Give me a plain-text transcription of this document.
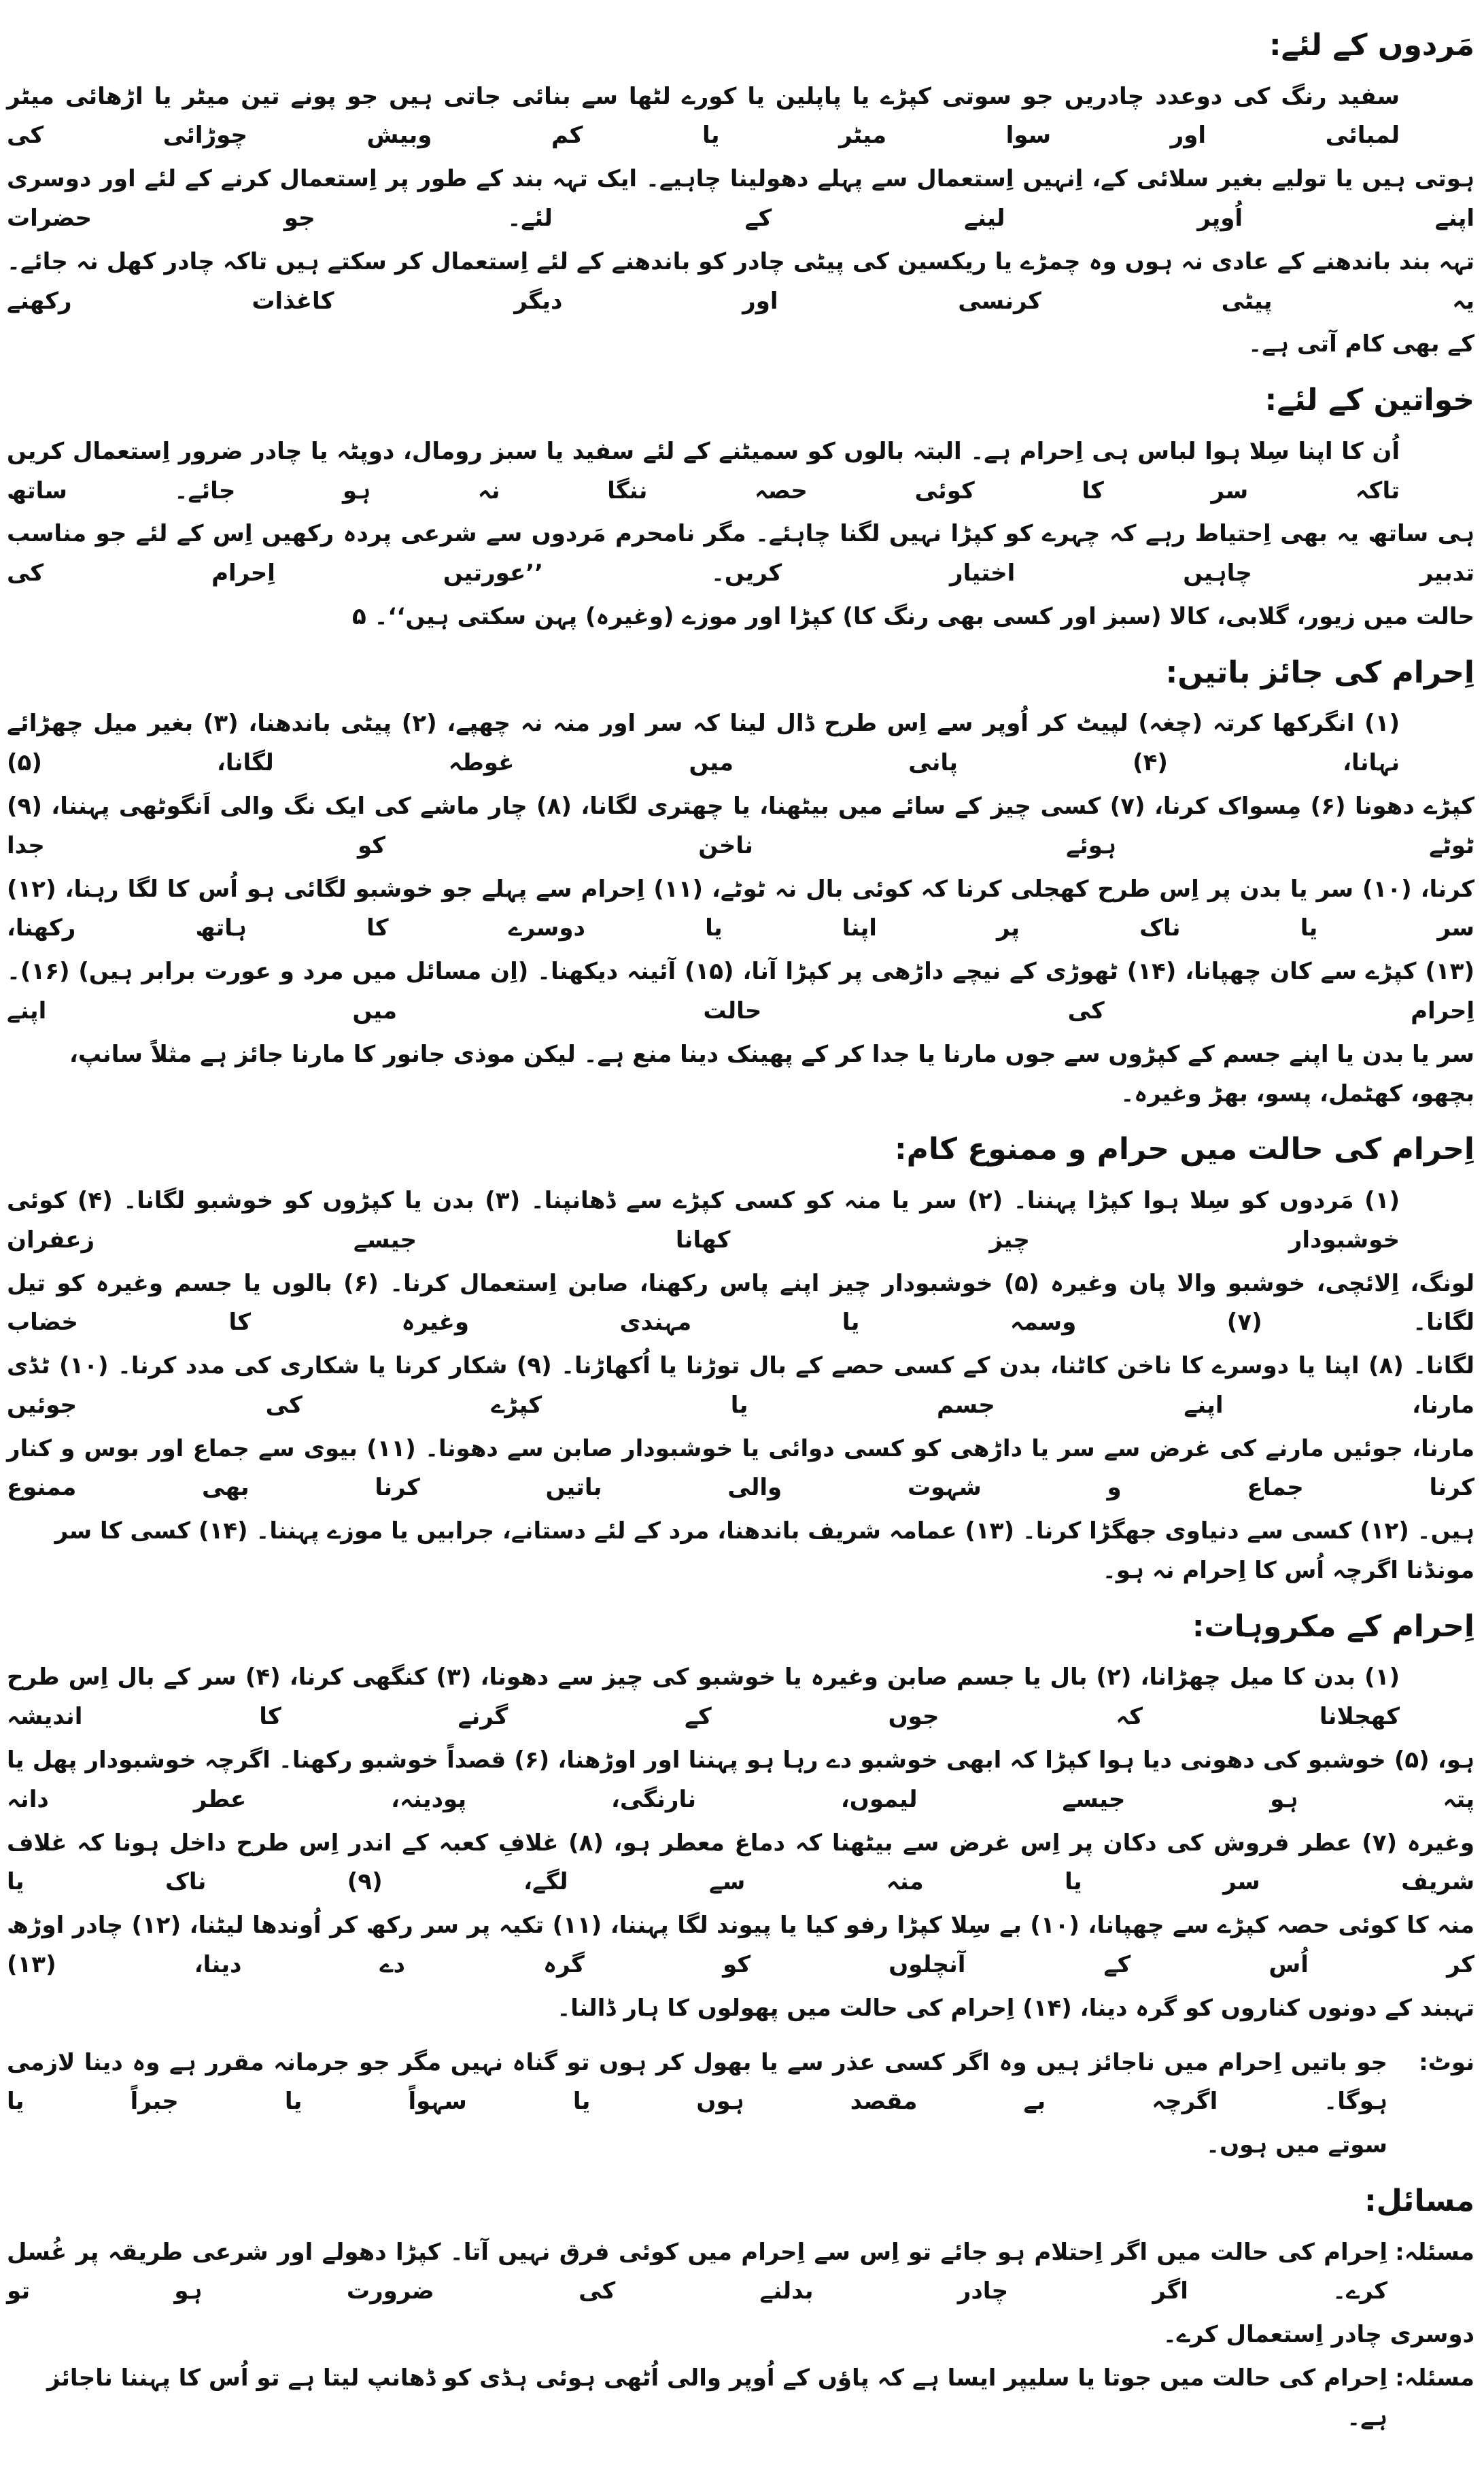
مَردوں کے لئے:
سفید رنگ کی دوعدد چادریں جو سوتی کپڑے یا پاپلین یا کورے لٹھا سے بنائی جاتی ہیں جو پونے تین میٹر یا اڑھائی میٹر لمبائی اور سوا میٹر یا کم وبیش چوڑائی کی
ہوتی ہیں یا تولیے بغیر سلائی کے، اِنہیں اِستعمال سے پہلے دھولینا چاہیے۔ ایک تہہ بند کے طور پر اِستعمال کرنے کے لئے اور دوسری اپنے اُوپر لینے کے لئے۔ جو حضرات
تہہ بند باندھنے کے عادی نہ ہوں وہ چمڑے یا ریکسین کی پیٹی چادر کو باندھنے کے لئے اِستعمال کر سکتے ہیں تاکہ چادر کھل نہ جائے۔ یہ پیٹی کرنسی اور دیگر کاغذات رکھنے
کے بھی کام آتی ہے۔
خواتین کے لئے:
اُن کا اپنا سِلا ہوا لباس ہی اِحرام ہے۔ البتہ بالوں کو سمیٹنے کے لئے سفید یا سبز رومال، دوپٹہ یا چادر ضرور اِستعمال کریں تاکہ سر کا کوئی حصہ ننگا نہ ہو جائے۔ ساتھ
ہی ساتھ یہ بھی اِحتیاط رہے کہ چہرے کو کپڑا نہیں لگنا چاہئے۔ مگر نامحرم مَردوں سے شرعی پردہ رکھیں اِس کے لئے جو مناسب تدبیر چاہیں اختیار کریں۔ ’’عورتیں اِحرام کی
حالت میں زیور، گلابی، کالا (سبز اور کسی بھی رنگ کا) کپڑا اور موزے (وغیرہ) پہن سکتی ہیں‘‘۔ ۵
اِحرام کی جائز باتیں:
(۱) انگرکھا کرتہ (چغہ) لپیٹ کر اُوپر سے اِس طرح ڈال لینا کہ سر اور منہ نہ چھپے، (۲) پیٹی باندھنا، (۳) بغیر میل چھڑائے نہانا، (۴) پانی میں غوطہ لگانا، (۵)
کپڑے دھونا (۶) مِسواک کرنا، (۷) کسی چیز کے سائے میں بیٹھنا، یا چھتری لگانا، (۸) چار ماشے کی ایک نگ والی اَنگوٹھی پہننا، (۹) ٹوٹے ہوئے ناخن کو جدا
کرنا، (۱۰) سر یا بدن پر اِس طرح کھجلی کرنا کہ کوئی بال نہ ٹوٹے، (۱۱) اِحرام سے پہلے جو خوشبو لگائی ہو اُس کا لگا رہنا، (۱۲) سر یا ناک پر اپنا یا دوسرے کا ہاتھ رکھنا،
(۱۳) کپڑے سے کان چھپانا، (۱۴) ٹھوڑی کے نیچے داڑھی پر کپڑا آنا، (۱۵) آئینہ دیکھنا۔ (اِن مسائل میں مرد و عورت برابر ہیں) (۱۶)۔ اِحرام کی حالت میں اپنے
سر یا بدن یا اپنے جسم کے کپڑوں سے جوں مارنا یا جدا کر کے پھینک دینا منع ہے۔ لیکن موذی جانور کا مارنا جائز ہے مثلاً سانپ، بچھو، کھٹمل، پسو، بھڑ وغیرہ۔
اِحرام کی حالت میں حرام و ممنوع کام:
(۱) مَردوں کو سِلا ہوا کپڑا پہننا۔ (۲) سر یا منہ کو کسی کپڑے سے ڈھانپنا۔ (۳) بدن یا کپڑوں کو خوشبو لگانا۔ (۴) کوئی خوشبودار چیز کھانا جیسے زعفران
لونگ، اِلائچی، خوشبو والا پان وغیرہ (۵) خوشبودار چیز اپنے پاس رکھنا، صابن اِستعمال کرنا۔ (۶) بالوں یا جسم وغیرہ کو تیل لگانا۔ (۷) وسمہ یا مہندی وغیرہ کا خضاب
لگانا۔ (۸) اپنا یا دوسرے کا ناخن کاٹنا، بدن کے کسی حصے کے بال توڑنا یا اُکھاڑنا۔ (۹) شکار کرنا یا شکاری کی مدد کرنا۔ (۱۰) ٹڈی مارنا، اپنے جسم یا کپڑے کی جوئیں
مارنا، جوئیں مارنے کی غرض سے سر یا داڑھی کو کسی دوائی یا خوشبودار صابن سے دھونا۔ (۱۱) بیوی سے جماع اور بوس و کنار کرنا جماع و شہوت والی باتیں کرنا بھی ممنوع
ہیں۔ (۱۲) کسی سے دنیاوی جھگڑا کرنا۔ (۱۳) عمامہ شریف باندھنا، مرد کے لئے دستانے، جرابیں یا موزے پہننا۔ (۱۴) کسی کا سر مونڈنا اگرچہ اُس کا اِحرام نہ ہو۔
اِحرام کے مکروہات:
(۱) بدن کا میل چھڑانا، (۲) بال یا جسم صابن وغیرہ یا خوشبو کی چیز سے دھونا، (۳) کنگھی کرنا، (۴) سر کے بال اِس طرح کھجلانا کہ جوں کے گرنے کا اندیشہ
ہو، (۵) خوشبو کی دھونی دیا ہوا کپڑا کہ ابھی خوشبو دے رہا ہو پہننا اور اوڑھنا، (۶) قصداً خوشبو رکھنا۔ اگرچہ خوشبودار پھل یا پتہ ہو جیسے لیموں، نارنگی، پودینہ، عطر دانہ
وغیرہ (۷) عطر فروش کی دکان پر اِس غرض سے بیٹھنا کہ دماغ معطر ہو، (۸) غلافِ کعبہ کے اندر اِس طرح داخل ہونا کہ غلاف شریف سر یا منہ سے لگے، (۹) ناک یا
منہ کا کوئی حصہ کپڑے سے چھپانا، (۱۰) بے سِلا کپڑا رفو کیا یا پیوند لگا پہننا، (۱۱) تکیہ پر سر رکھ کر اُوندھا لیٹنا، (۱۲) چادر اوڑھ کر اُس کے آنچلوں کو گرہ دے دینا، (۱۳)
تہبند کے دونوں کناروں کو گرہ دینا، (۱۴) اِحرام کی حالت میں پھولوں کا ہار ڈالنا۔
نوٹ:
جو باتیں اِحرام میں ناجائز ہیں وہ اگر کسی عذر سے یا بھول کر ہوں تو گناہ نہیں مگر جو جرمانہ مقرر ہے وہ دینا لازمی ہوگا۔ اگرچہ بے مقصد ہوں یا سہواً یا جبراً یا
سوتے میں ہوں۔
مسائل:
مسئلہ:
اِحرام کی حالت میں اگر اِحتلام ہو جائے تو اِس سے اِحرام میں کوئی فرق نہیں آتا۔ کپڑا دھولے اور شرعی طریقہ پر غُسل کرے۔ اگر چادر بدلنے کی ضرورت ہو تو
دوسری چادر اِستعمال کرے۔
مسئلہ:
اِحرام کی حالت میں جوتا یا سلیپر ایسا ہے کہ پاؤں کے اُوپر والی اُٹھی ہوئی ہڈی کو ڈھانپ لیتا ہے تو اُس کا پہننا ناجائز ہے۔
